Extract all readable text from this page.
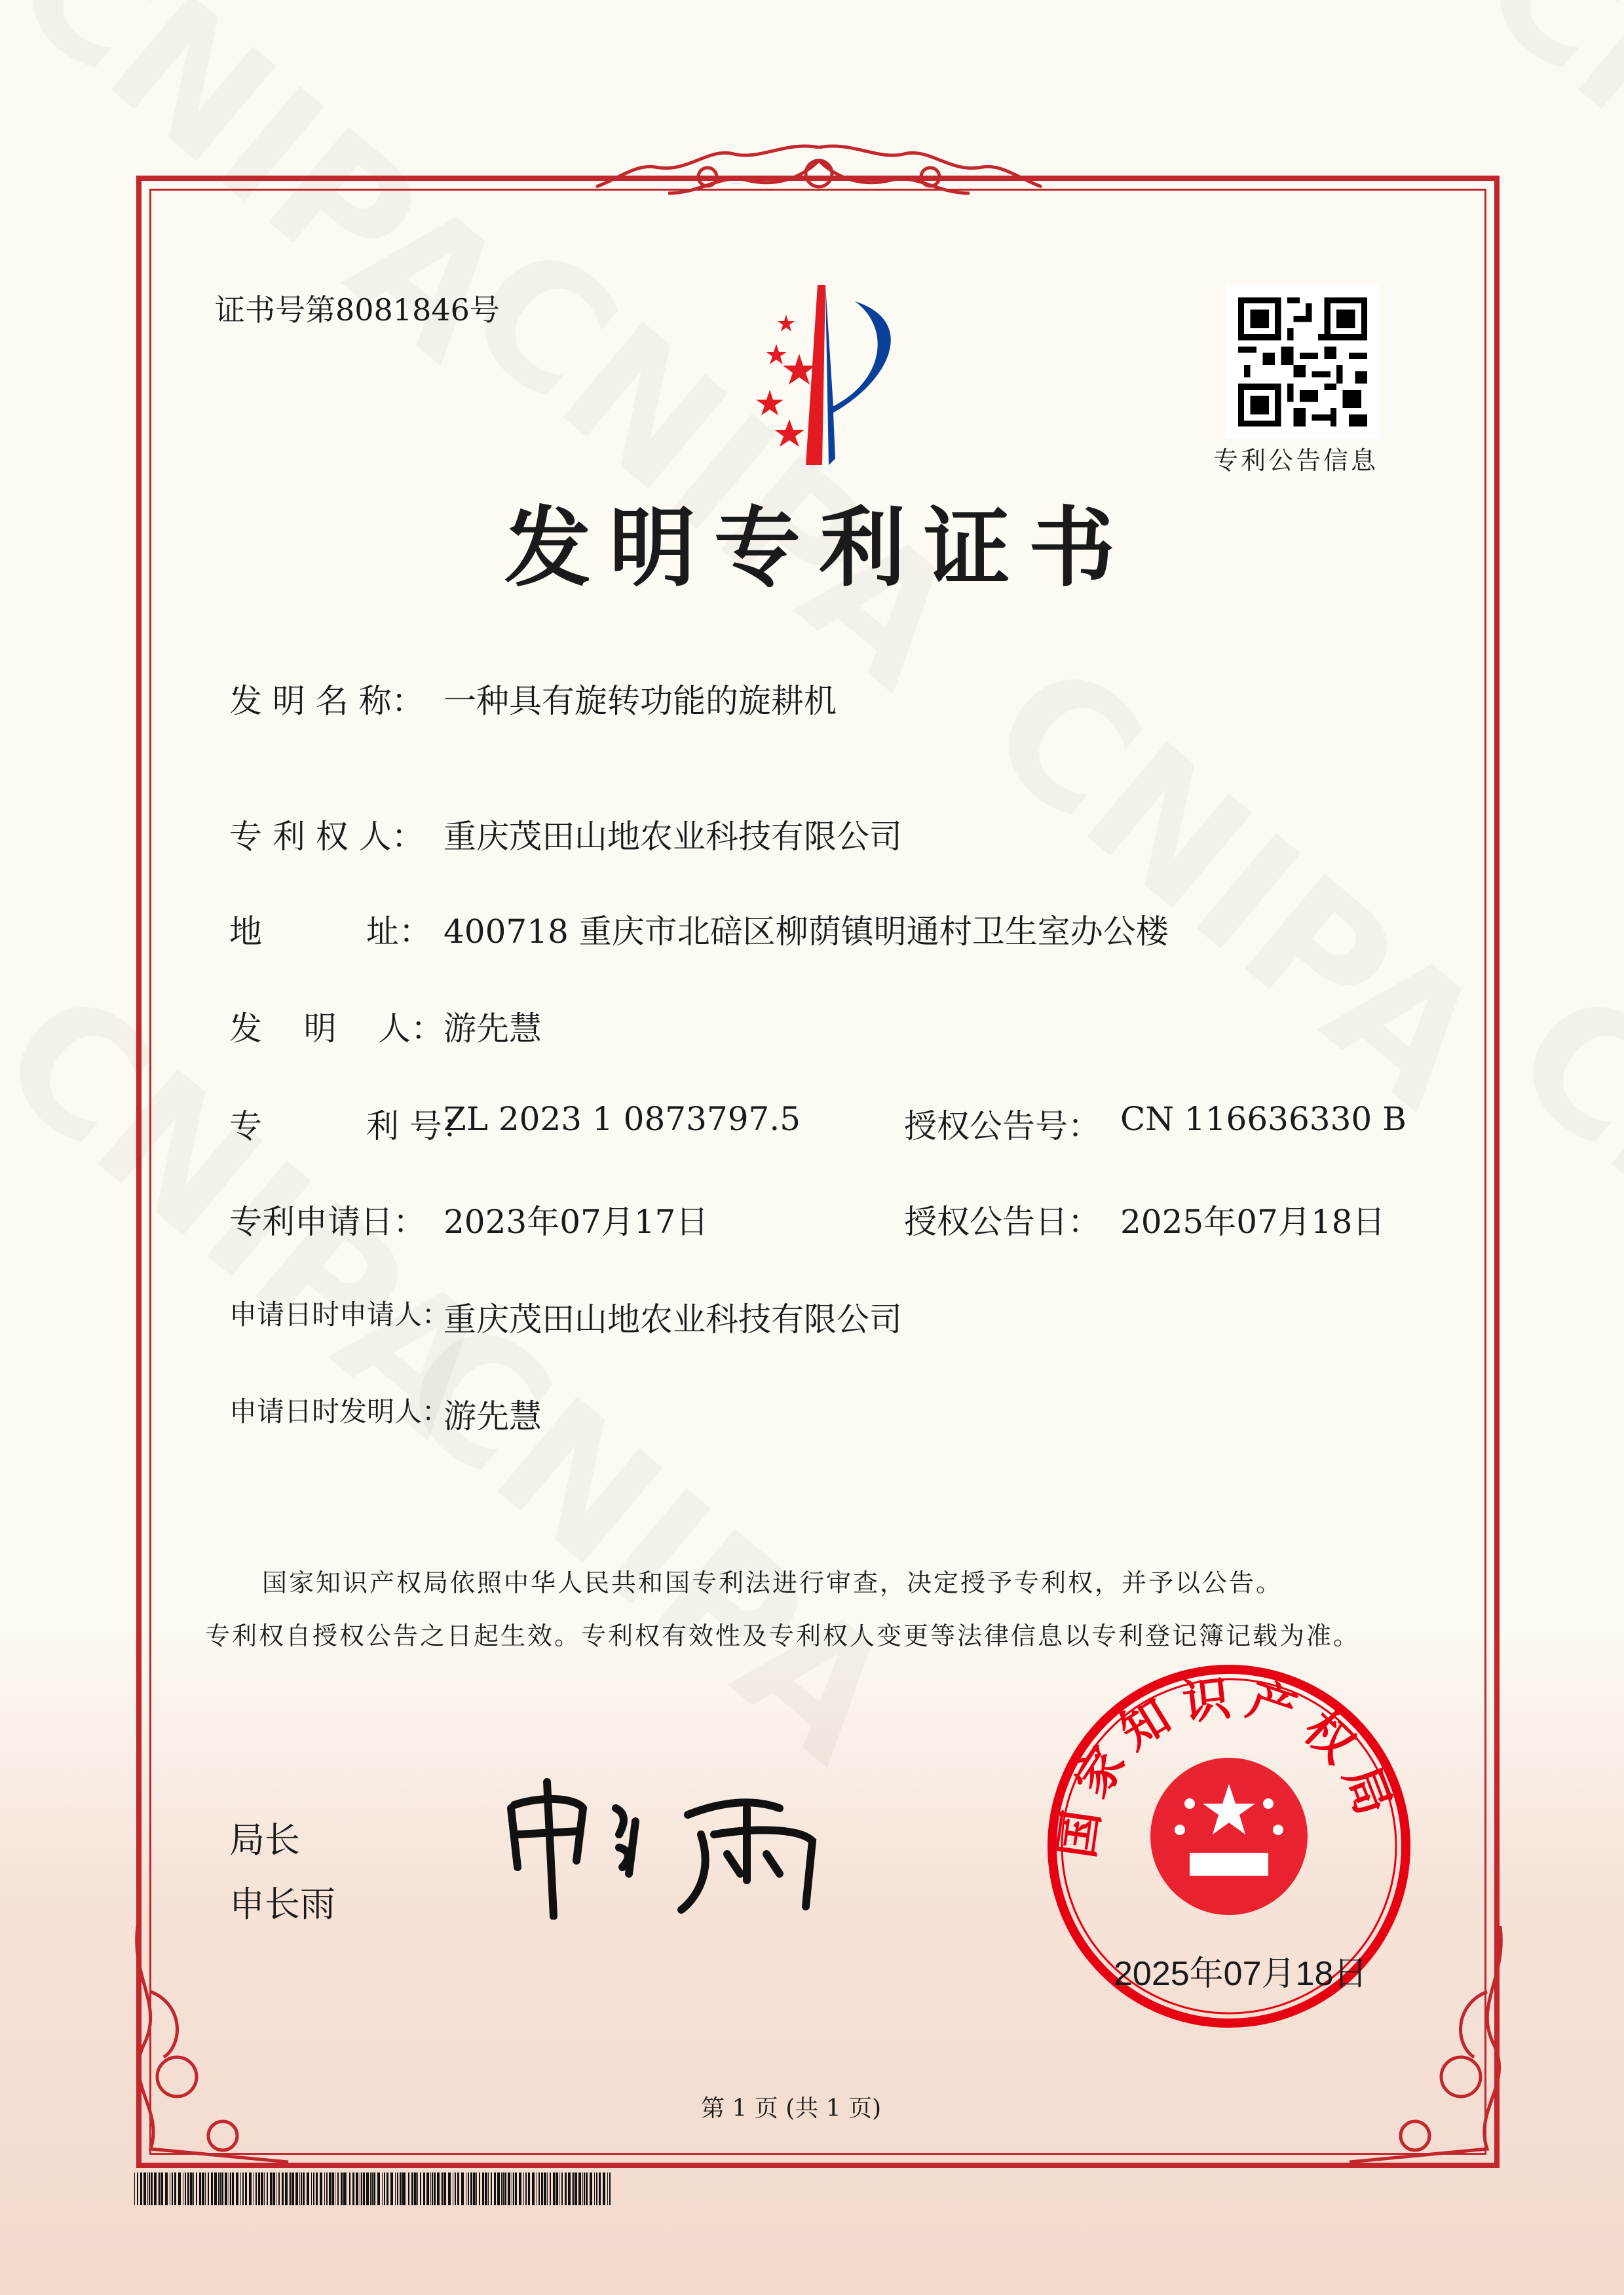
证书号第8081846号
专利公告信息
发明专利证书
发 明 名 称： 一种具有旋转功能的旋耕机
专 利 权 人： 重庆茂田山地农业科技有限公司
地          址： 400718 重庆市北碚区柳荫镇明通村卫生室办公楼
发    明    人： 游先慧
专          利 号：
ZL 2023 1 0873797.5
专利申请日： 2023年07月17日
申请日时申请人：
重庆茂田山地农业科技有限公司
申请日时发明人：
游先慧
授权公告号： CN 116636330 B
授权公告日： 2025年07月18日
国家知识产权局依照中华人民共和国专利法进行审查，决定授予专利权，并予以公告。
专利权自授权公告之日起生效。专利权有效性及专利权人变更等法律信息以专利登记簿记载为准。
局长
申长雨
国家知识产权局
2025年07月18日
第 1 页 (共 1 页)
